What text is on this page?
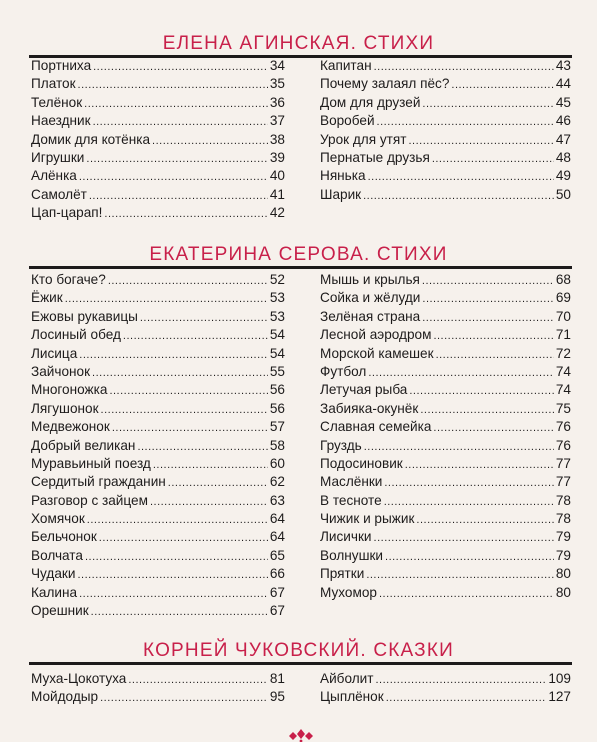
ЕЛЕНА АГИНСКАЯ. СТИХИ
Портниха .....	34
Платок .....	35
Телёнок .....	36
Наездник .....	37
Домик для котёнка .....	38
Игрушки .....	39
Алёнка .....	40
Самолёт .....	41
Цап-царап! .....	42
Капитан .....	43
Почему залаял пёс? .....	44
Дом для друзей .....	45
Воробей .....	46
Урок для утят .....	47
Пернатые друзья .....	48
Нянька .....	49
Шарик .....	50
ЕКАТЕРИНА СЕРОВА. СТИХИ
Кто богаче? .....	52
Ёжик .....	53
Ежовы рукавицы .....	53
Лосиный обед .....	54
Лисица .....	54
Зайчонок .....	55
Многоножка .....	56
Лягушонок .....	56
Медвежонок .....	57
Добрый великан .....	58
Муравьиный поезд .....	60
Сердитый гражданин .....	62
Разговор с зайцем .....	63
Хомячок .....	64
Бельчонок .....	64
Волчата .....	65
Чудаки .....	66
Калина .....	67
Орешник .....	67
Мышь и крылья .....	68
Сойка и жёлуди .....	69
Зелёная страна .....	70
Лесной аэродром .....	71
Морской камешек .....	72
Футбол .....	74
Летучая рыба .....	74
Забияка-окунёк .....	75
Славная семейка .....	76
Груздь .....	76
Подосиновик .....	77
Маслёнки .....	77
В тесноте .....	78
Чижик и рыжик .....	78
Лисички .....	79
Волнушки .....	79
Прятки .....	80
Мухомор .....	80
КОРНЕЙ ЧУКОВСКИЙ. СКАЗКИ
Муха-Цокотуха .....	81
Мойдодыр .....	95
Айболит .....	109
Цыплёнок .....	127
